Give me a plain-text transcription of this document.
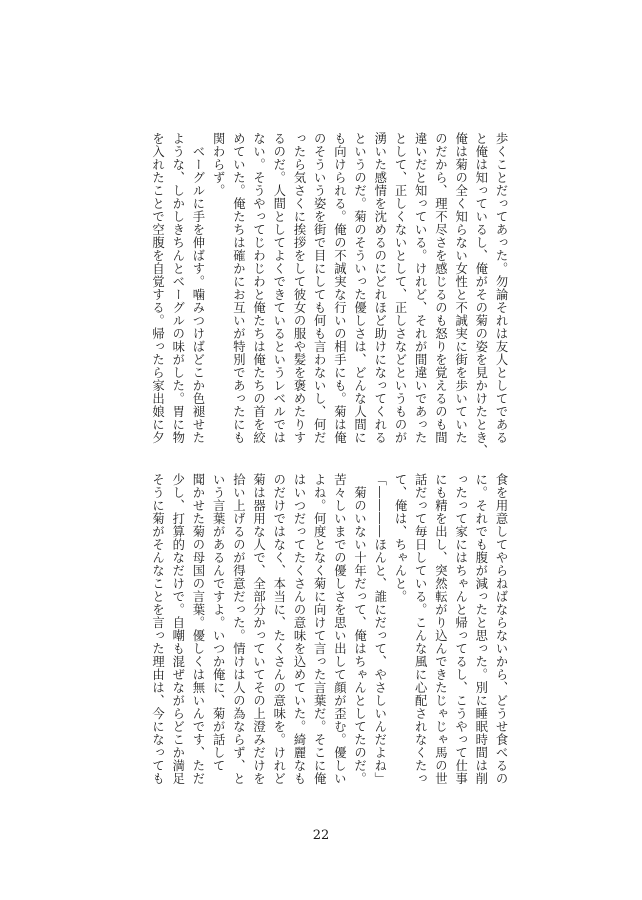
歩くことだってあった。勿論それは友人としてである

と俺は知っているし、俺がその菊の姿を見かけたとき、

俺は菊の全く知らない女性と不誠実に街を歩いていた

のだから、理不尽さを感じるのも怒りを覚えるのも間

違いだと知っている。けれど、それが間違いであった

として、正しくないとして、正しさなどというものが

湧いた感情を沈めるのにどれほど助けになってくれる

というのだ。菊のそういった優しさは、どんな人間に

も向けられる。俺の不誠実な行いの相手にも。菊は俺

のそういう姿を街で目にしても何も言わないし、何だ

ったら気さくに挨拶をして彼女の服や髪を褒めたりす

るのだ。人間としてよくできているというレベルでは

ない。そうやってじわじわと俺たちは俺たちの首を絞

めていた。俺たちは確かにお互いが特別であったにも

関わらず。

　ベーグルに手を伸ばす。噛みつけばどこか色褪せた

ような、しかしきちんとベーグルの味がした。胃に物

を入れたことで空腹を自覚する。帰ったら家出娘に夕

食を用意してやらねばならないから、どうせ食べるの

に。それでも腹が減ったと思った。別に睡眠時間は削

ったって家にはちゃんと帰ってるし、こうやって仕事

にも精を出し、突然転がり込んできたじゃじゃ馬の世

話だって毎日している。こんな風に心配されなくたっ

て、俺は、ちゃんと。

「――――ほんと、誰にだって、やさしいんだよね」

　菊のいない十年だって、俺はちゃんとしてたのだ。

苦々しいまでの優しさを思い出して顔が歪む。優しい

よね。何度となく菊に向けて言った言葉だ。そこに俺

はいつだってたくさんの意味を込めていた。綺麗なも

のだけではなく、本当に、たくさんの意味を。けれど

菊は器用な人で、全部分かっていてその上澄みだけを

拾い上げるのが得意だった。情けは人の為ならず、と

いう言葉があるんですよ。いつか俺に、菊が話して

聞かせた菊の母国の言葉。優しくは無いんです、ただ

少し、打算的なだけで。自嘲も混ぜながらどこか満足

そうに菊がそんなことを言った理由は、今になっても

22
